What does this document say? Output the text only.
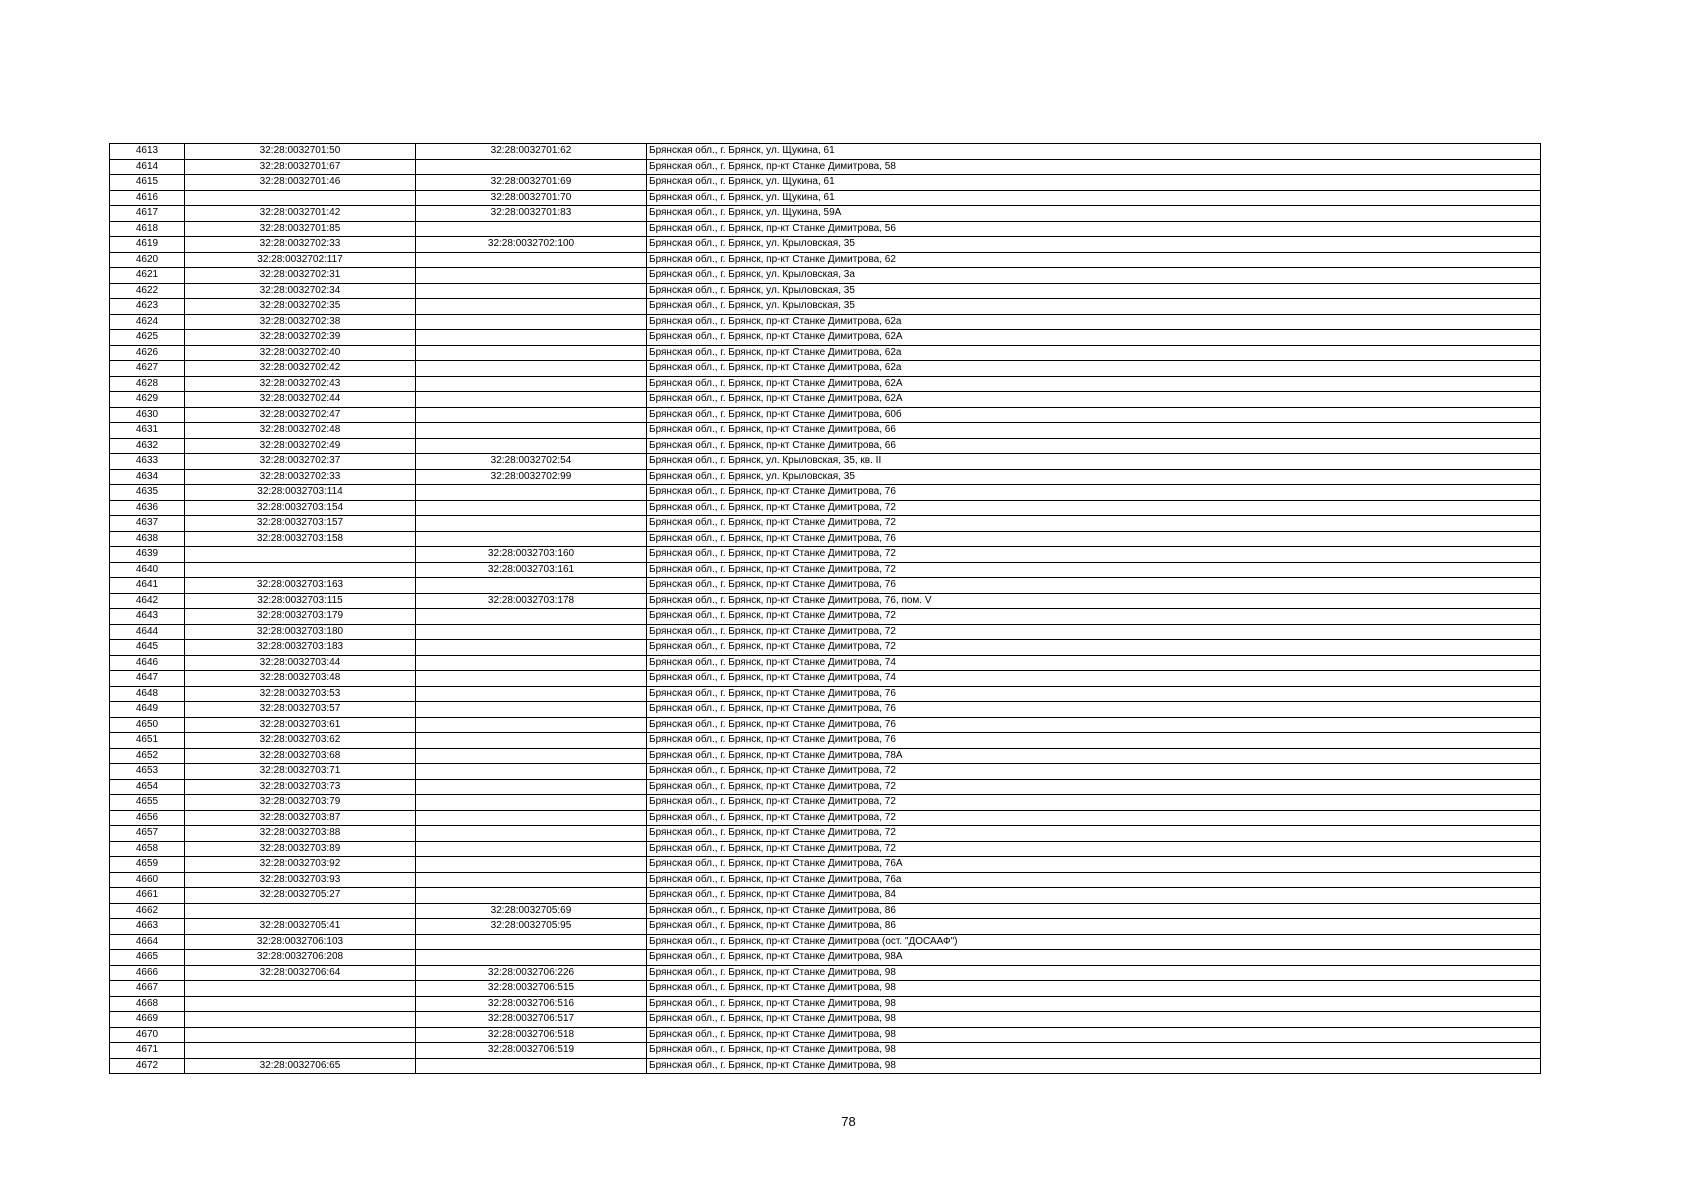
4613	32:28:0032701:50	32:28:0032701:62	Брянская обл., г. Брянск, ул. Щукина, 61
4614	32:28:0032701:67		Брянская обл., г. Брянск, пр-кт Станке Димитрова, 58
4615	32:28:0032701:46	32:28:0032701:69	Брянская обл., г. Брянск, ул. Щукина, 61
4616		32:28:0032701:70	Брянская обл., г. Брянск, ул. Щукина, 61
4617	32:28:0032701:42	32:28:0032701:83	Брянская обл., г. Брянск, ул. Щукина, 59А
4618	32:28:0032701:85		Брянская обл., г. Брянск, пр-кт Станке Димитрова, 56
4619	32:28:0032702:33	32:28:0032702:100	Брянская обл., г. Брянск, ул. Крыловская, 35
4620	32:28:0032702:117		Брянская обл., г. Брянск, пр-кт Станке Димитрова, 62
4621	32:28:0032702:31		Брянская обл., г. Брянск, ул. Крыловская, 3а
4622	32:28:0032702:34		Брянская обл., г. Брянск, ул. Крыловская, 35
4623	32:28:0032702:35		Брянская обл., г. Брянск, ул. Крыловская, 35
4624	32:28:0032702:38		Брянская обл., г. Брянск, пр-кт Станке Димитрова, 62а
4625	32:28:0032702:39		Брянская обл., г. Брянск, пр-кт Станке Димитрова, 62А
4626	32:28:0032702:40		Брянская обл., г. Брянск, пр-кт Станке Димитрова, 62а
4627	32:28:0032702:42		Брянская обл., г. Брянск, пр-кт Станке Димитрова, 62а
4628	32:28:0032702:43		Брянская обл., г. Брянск, пр-кт Станке Димитрова, 62А
4629	32:28:0032702:44		Брянская обл., г. Брянск, пр-кт Станке Димитрова, 62А
4630	32:28:0032702:47		Брянская обл., г. Брянск, пр-кт Станке Димитрова, 60б
4631	32:28:0032702:48		Брянская обл., г. Брянск, пр-кт Станке Димитрова, 66
4632	32:28:0032702:49		Брянская обл., г. Брянск, пр-кт Станке Димитрова, 66
4633	32:28:0032702:37	32:28:0032702:54	Брянская обл., г. Брянск, ул. Крыловская, 35, кв. II
4634	32:28:0032702:33	32:28:0032702:99	Брянская обл., г. Брянск, ул. Крыловская, 35
4635	32:28:0032703:114		Брянская обл., г. Брянск, пр-кт Станке Димитрова, 76
4636	32:28:0032703:154		Брянская обл., г. Брянск, пр-кт Станке Димитрова, 72
4637	32:28:0032703:157		Брянская обл., г. Брянск, пр-кт Станке Димитрова, 72
4638	32:28:0032703:158		Брянская обл., г. Брянск, пр-кт Станке Димитрова, 76
4639		32:28:0032703:160	Брянская обл., г. Брянск, пр-кт Станке Димитрова, 72
4640		32:28:0032703:161	Брянская обл., г. Брянск, пр-кт Станке Димитрова, 72
4641	32:28:0032703:163		Брянская обл., г. Брянск, пр-кт Станке Димитрова, 76
4642	32:28:0032703:115	32:28:0032703:178	Брянская обл., г. Брянск, пр-кт Станке Димитрова, 76, пом. V
4643	32:28:0032703:179		Брянская обл., г. Брянск, пр-кт Станке Димитрова, 72
4644	32:28:0032703:180		Брянская обл., г. Брянск, пр-кт Станке Димитрова, 72
4645	32:28:0032703:183		Брянская обл., г. Брянск, пр-кт Станке Димитрова, 72
4646	32:28:0032703:44		Брянская обл., г. Брянск, пр-кт Станке Димитрова, 74
4647	32:28:0032703:48		Брянская обл., г. Брянск, пр-кт Станке Димитрова, 74
4648	32:28:0032703:53		Брянская обл., г. Брянск, пр-кт Станке Димитрова, 76
4649	32:28:0032703:57		Брянская обл., г. Брянск, пр-кт Станке Димитрова, 76
4650	32:28:0032703:61		Брянская обл., г. Брянск, пр-кт Станке Димитрова, 76
4651	32:28:0032703:62		Брянская обл., г. Брянск, пр-кт Станке Димитрова, 76
4652	32:28:0032703:68		Брянская обл., г. Брянск, пр-кт Станке Димитрова, 78А
4653	32:28:0032703:71		Брянская обл., г. Брянск, пр-кт Станке Димитрова, 72
4654	32:28:0032703:73		Брянская обл., г. Брянск, пр-кт Станке Димитрова, 72
4655	32:28:0032703:79		Брянская обл., г. Брянск, пр-кт Станке Димитрова, 72
4656	32:28:0032703:87		Брянская обл., г. Брянск, пр-кт Станке Димитрова, 72
4657	32:28:0032703:88		Брянская обл., г. Брянск, пр-кт Станке Димитрова, 72
4658	32:28:0032703:89		Брянская обл., г. Брянск, пр-кт Станке Димитрова, 72
4659	32:28:0032703:92		Брянская обл., г. Брянск, пр-кт Станке Димитрова, 76А
4660	32:28:0032703:93		Брянская обл., г. Брянск, пр-кт Станке Димитрова, 76а
4661	32:28:0032705:27		Брянская обл., г. Брянск, пр-кт Станке Димитрова, 84
4662		32:28:0032705:69	Брянская обл., г. Брянск, пр-кт Станке Димитрова, 86
4663	32:28:0032705:41	32:28:0032705:95	Брянская обл., г. Брянск, пр-кт Станке Димитрова, 86
4664	32:28:0032706:103		Брянская обл., г. Брянск, пр-кт Станке Димитрова (ост. "ДОСААФ")
4665	32:28:0032706:208		Брянская обл., г. Брянск, пр-кт Станке Димитрова, 98А
4666	32:28:0032706:64	32:28:0032706:226	Брянская обл., г. Брянск, пр-кт Станке Димитрова, 98
4667		32:28:0032706:515	Брянская обл., г. Брянск, пр-кт Станке Димитрова, 98
4668		32:28:0032706:516	Брянская обл., г. Брянск, пр-кт Станке Димитрова, 98
4669		32:28:0032706:517	Брянская обл., г. Брянск, пр-кт Станке Димитрова, 98
4670		32:28:0032706:518	Брянская обл., г. Брянск, пр-кт Станке Димитрова, 98
4671		32:28:0032706:519	Брянская обл., г. Брянск, пр-кт Станке Димитрова, 98
4672	32:28:0032706:65		Брянская обл., г. Брянск, пр-кт Станке Димитрова, 98
78
